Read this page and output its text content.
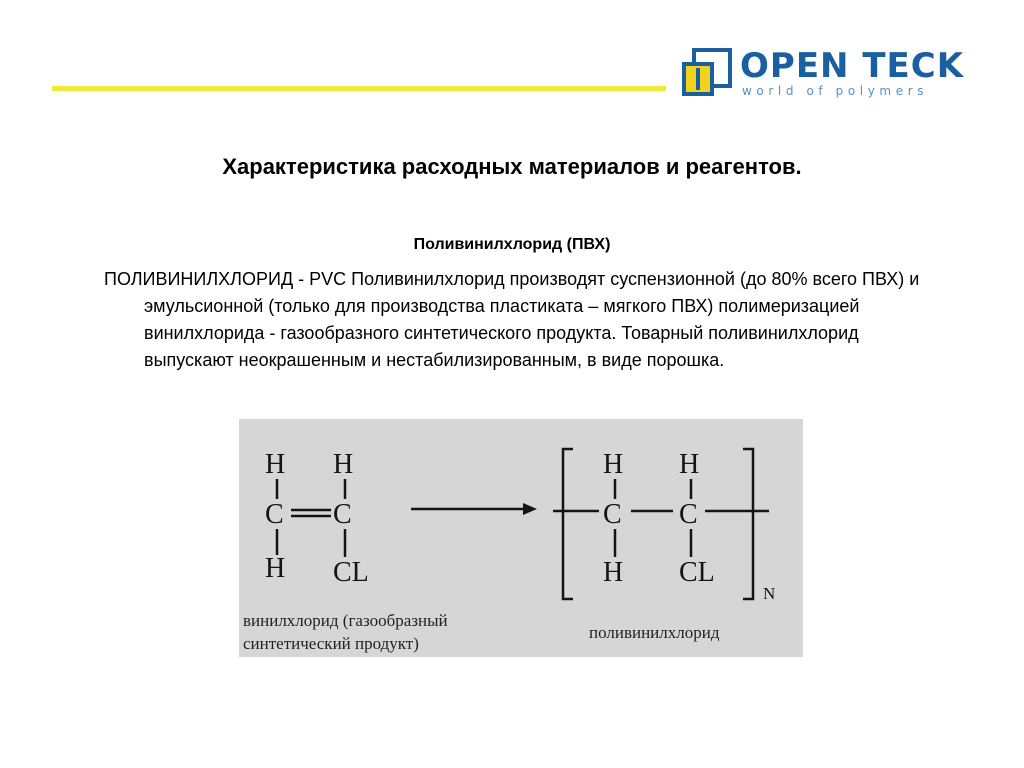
OPEN TECK
world of polymers
Характеристика расходных материалов и реагентов.
Поливинилхлорид (ПВХ)
ПОЛИВИНИЛХЛОРИД - PVC Поливинилхлорид производят суспензионной (до 80% всего ПВХ) и эмульсионной (только для производства пластиката – мягкого ПВХ) полимеризацией винилхлорида - газообразного синтетического продукта. Товарный поливинилхлорид выпускают неокрашенным и нестабилизированным, в виде порошка.
H H
C C
H CL
H H
C C
H CL
N
винилхлорид (газообразный
синтетический продукт)
поливинилхлорид
